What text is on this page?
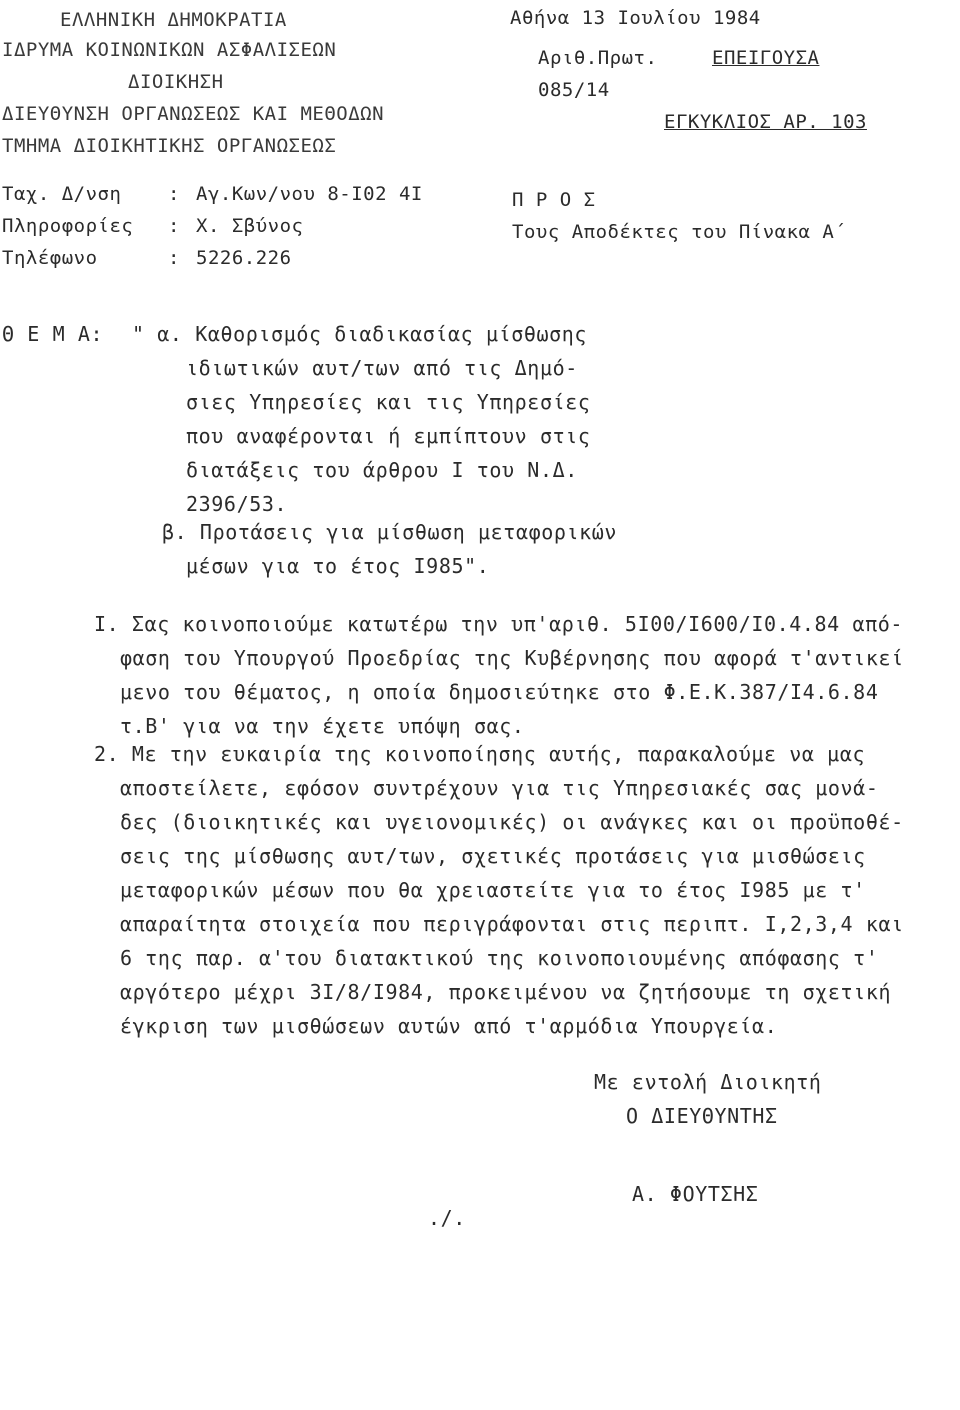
ΕΛΛΗΝΙΚΗ ΔΗΜΟΚΡΑΤΙΑ
ΙΔΡΥΜΑ ΚΟΙΝΩΝΙΚΩΝ ΑΣΦΑΛΙΣΕΩΝ
ΔΙΟΙΚΗΣΗ
ΔΙΕΥΘΥΝΣΗ ΟΡΓΑΝΩΣΕΩΣ ΚΑΙ ΜΕΘΟΔΩΝ
ΤΜΗΜΑ ΔΙΟΙΚΗΤΙΚΗΣ ΟΡΓΑΝΩΣΕΩΣ
Ταχ. Δ/νση : Αγ.Κων/νου 8-Ι02 4Ι
Πληροφορίες : Χ. Σβύνος
Τηλέφωνο	: 5226.226
Αθήνα 13 Ιουλίου 1984
Αριθ.Πρωτ.	ΕΠΕΙΓΟΥΣΑ
085/14
ΕΓΚΥΚΛΙΟΣ ΑΡ. 103
Π Ρ Ο Σ
Τους Αποδέκτες του Πίνακα Α΄
Θ Ε Μ Α: " α. Καθορισμός διαδικασίας μίσθωσης
ιδιωτικών αυτ/των από τις Δημό-
σιες Υπηρεσίες και τις Υπηρεσίες
που αναφέρονται ή εμπίπτουν στις
διατάξεις του άρθρου Ι του Ν.Δ.
2396/53.
β. Προτάσεις για μίσθωση μεταφορικών
μέσων για το έτος Ι985".
Ι. Σας κοινοποιούμε κατωτέρω την υπ'αριθ. 5Ι00/Ι600/Ι0.4.84 από-
φαση του Υπουργού Προεδρίας της Κυβέρνησης που αφορά τ'αντικεί
μενο του θέματος, η οποία δημοσιεύτηκε στο Φ.Ε.Κ.387/Ι4.6.84
τ.Β' για να την έχετε υπόψη σας.
2. Με την ευκαιρία της κοινοποίησης αυτής, παρακαλούμε να μας
αποστείλετε, εφόσον συντρέχουν για τις Υπηρεσιακές σας μονά-
δες (διοικητικές και υγειονομικές) οι ανάγκες και οι προϋποθέ-
σεις της μίσθωσης αυτ/των, σχετικές προτάσεις για μισθώσεις
μεταφορικών μέσων που θα χρειαστείτε για το έτος Ι985 με τ'
απαραίτητα στοιχεία που περιγράφονται στις περιπτ. Ι,2,3,4 και
6 της παρ. α'του διατακτικού της κοινοποιουμένης απόφασης τ'
αργότερο μέχρι 3Ι/8/Ι984, προκειμένου να ζητήσουμε τη σχετική
έγκριση των μισθώσεων αυτών από τ'αρμόδια Υπουργεία.
Με εντολή Διοικητή
Ο ΔΙΕΥΘΥΝΤΗΣ
Α. ΦΟΥΤΣΗΣ
./.
